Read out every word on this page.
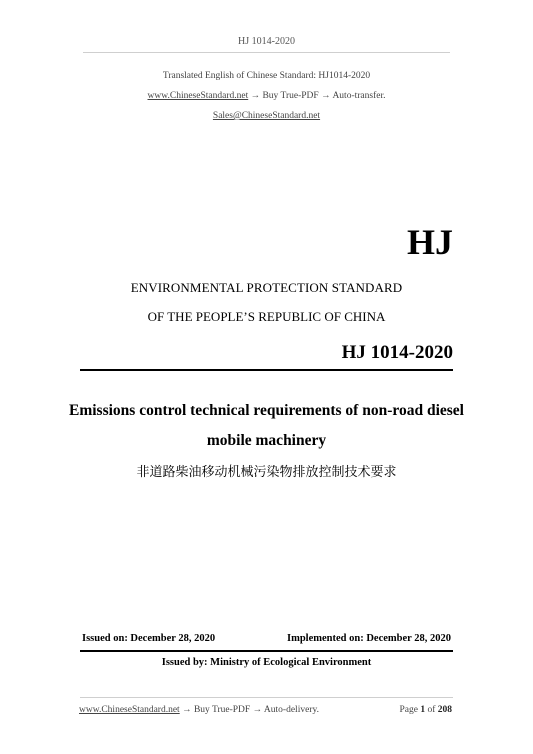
HJ 1014-2020
Translated English of Chinese Standard: HJ1014-2020
www.ChineseStandard.net → Buy True-PDF → Auto-transfer.
Sales@ChineseStandard.net
HJ
ENVIRONMENTAL PROTECTION STANDARD
OF THE PEOPLE’S REPUBLIC OF CHINA
HJ 1014-2020
Emissions control technical requirements of non-road diesel
mobile machinery
非道路柴油移动机械污染物排放控制技术要求
Issued on: December 28, 2020	Implemented on: December 28, 2020
Issued by: Ministry of Ecological Environment
www.ChineseStandard.net → Buy True-PDF → Auto-delivery.	Page 1 of 208
